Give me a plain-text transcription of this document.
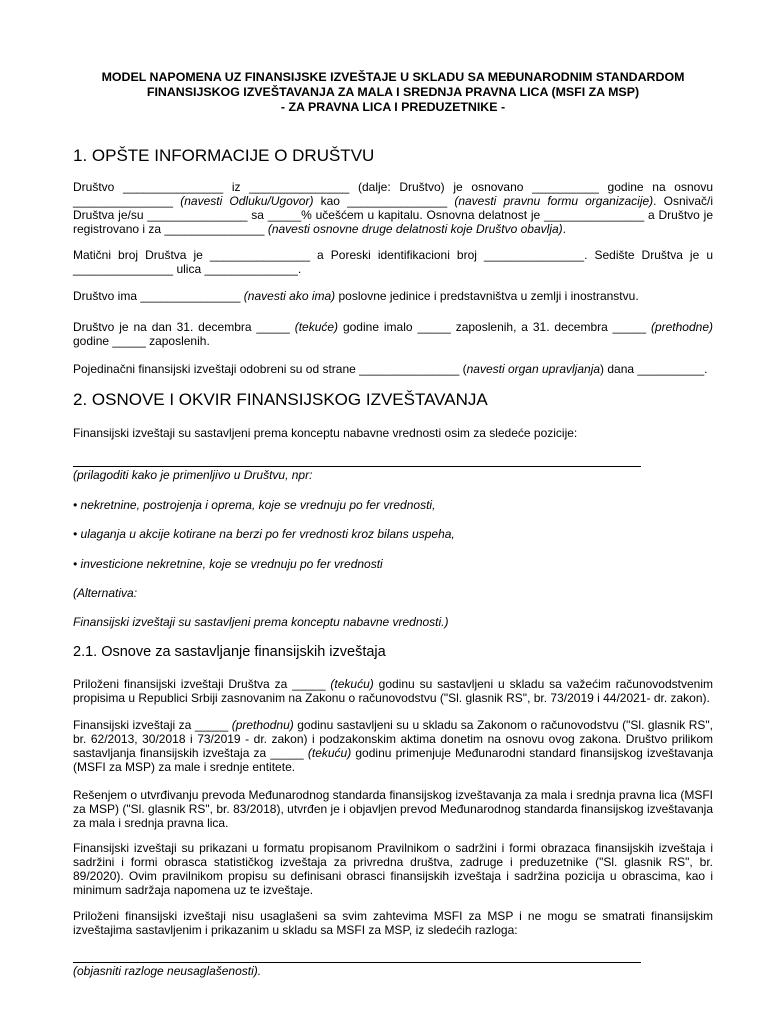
MODEL NAPOMENA UZ FINANSIJSKE IZVEŠTAJE U SKLADU SA MEĐUNARODNIM STANDARDOM
FINANSIJSKOG IZVEŠTAVANJA ZA MALA I SREDNJA PRAVNA LICA (MSFI ZA MSP)
- ZA PRAVNA LICA I PREDUZETNIKE -
1. OPŠTE INFORMACIJE O DRUŠTVU

Društvo _______________ iz _______________ (dalje: Društvo) je osnovano __________ godine na osnovu _______________ (navesti Odluku/Ugovor) kao _______________ (navesti pravnu formu organizacije). Osnivač/i Društva je/su _______________ sa _____% učešćem u kapitalu. Osnovna delatnost je _______________ a Društvo je registrovano i za _______________ (navesti osnovne druge delatnosti koje Društvo obavlja).

Matični broj Društva je _______________ a Poreski identifikacioni broj _______________. Sedište Društva je u _______________ ulica ______________.

Društvo ima _______________ (navesti ako ima) poslovne jedinice i predstavništva u zemlji i inostranstvu.

Društvo je na dan 31. decembra _____ (tekuće) godine imalo _____ zaposlenih, a 31. decembra _____ (prethodne) godine _____ zaposlenih.

Pojedinačni finansijski izveštaji odobreni su od strane _______________ (navesti organ upravljanja) dana __________.

2. OSNOVE I OKVIR FINANSIJSKOG IZVEŠTAVANJA

Finansijski izveštaji su sastavljeni prema konceptu nabavne vrednosti osim za sledeće pozicije:

(prilagoditi kako je primenljivo u Društvu, npr:

• nekretnine, postrojenja i oprema, koje se vrednuju po fer vrednosti,

• ulaganja u akcije kotirane na berzi po fer vrednosti kroz bilans uspeha,

• investicione nekretnine, koje se vrednuju po fer vrednosti

(Alternativa:

Finansijski izveštaji su sastavljeni prema konceptu nabavne vrednosti.)

2.1. Osnove za sastavljanje finansijskih izveštaja

Priloženi finansijski izveštaji Društva za _____ (tekuću) godinu su sastavljeni u skladu sa važećim računovodstvenim propisima u Republici Srbiji zasnovanim na Zakonu o računovodstvu ("Sl. glasnik RS", br. 73/2019 i 44/2021- dr. zakon).

Finansijski izveštaji za _____ (prethodnu) godinu sastavljeni su u skladu sa Zakonom o računovodstvu ("Sl. glasnik RS", br. 62/2013, 30/2018 i 73/2019 - dr. zakon) i podzakonskim aktima donetim na osnovu ovog zakona. Društvo prilikom sastavljanja finansijskih izveštaja za _____ (tekuću) godinu primenjuje Međunarodni standard finansijskog izveštavanja (MSFI za MSP) za male i srednje entitete.

Rešenjem o utvrđivanju prevoda Međunarodnog standarda finansijskog izveštavanja za mala i srednja pravna lica (MSFI za MSP) ("Sl. glasnik RS", br. 83/2018), utvrđen je i objavljen prevod Međunarodnog standarda finansijskog izveštavanja za mala i srednja pravna lica.

Finansijski izveštaji su prikazani u formatu propisanom Pravilnikom o sadržini i formi obrazaca finansijskih izveštaja i sadržini i formi obrasca statističkog izveštaja za privredna društva, zadruge i preduzetnike ("Sl. glasnik RS", br. 89/2020). Ovim pravilnikom propisu su definisani obrasci finansijskih izveštaja i sadržina pozicija u obrascima, kao i minimum sadržaja napomena uz te izveštaje.

Priloženi finansijski izveštaji nisu usaglašeni sa svim zahtevima MSFI za MSP i ne mogu se smatrati finansijskim izveštajima sastavljenim i prikazanim u skladu sa MSFI za MSP, iz sledećih razloga:

(objasniti razloge neusaglašenosti).
